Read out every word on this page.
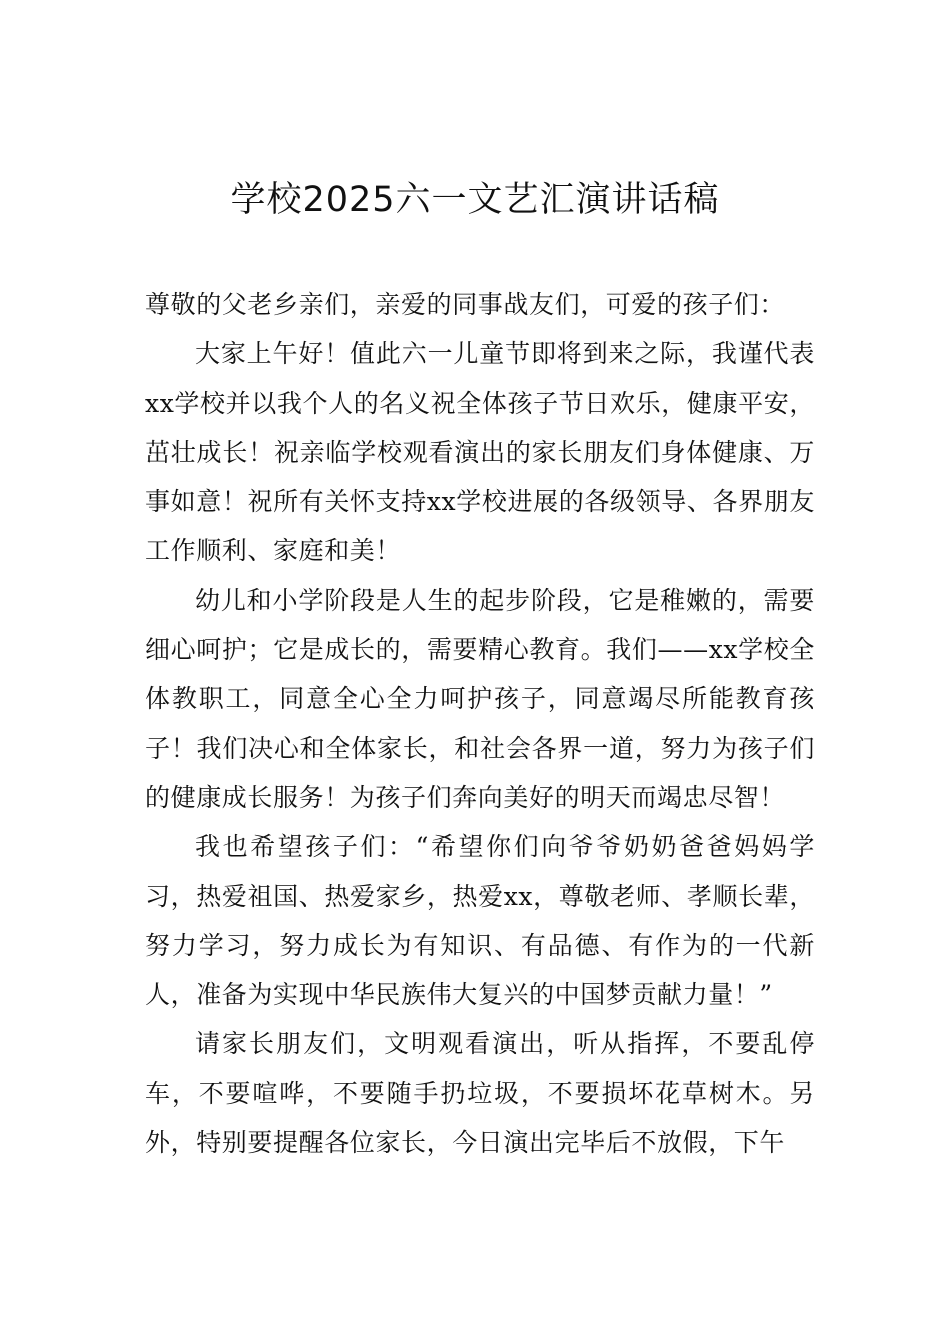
学校2025六一文艺汇演讲话稿

尊敬的父老乡亲们，亲爱的同事战友们，可爱的孩子们：

大家上午好！值此六一儿童节即将到来之际，我谨代表xx学校并以我个人的名义祝全体孩子节日欢乐，健康平安，茁壮成长！祝亲临学校观看演出的家长朋友们身体健康、万事如意！祝所有关怀支持xx学校进展的各级领导、各界朋友工作顺利、家庭和美！

幼儿和小学阶段是人生的起步阶段，它是稚嫩的，需要细心呵护；它是成长的，需要精心教育。我们——xx学校全体教职工，同意全心全力呵护孩子，同意竭尽所能教育孩子！我们决心和全体家长，和社会各界一道，努力为孩子们的健康成长服务！为孩子们奔向美好的明天而竭忠尽智！

我也希望孩子们：“希望你们向爷爷奶奶爸爸妈妈学习，热爱祖国、热爱家乡，热爱xx，尊敬老师、孝顺长辈，努力学习，努力成长为有知识、有品德、有作为的一代新人，准备为实现中华民族伟大复兴的中国梦贡献力量！”

请家长朋友们，文明观看演出，听从指挥，不要乱停车，不要喧哗，不要随手扔垃圾，不要损坏花草树木。另外，特别要提醒各位家长，今日演出完毕后不放假，下午
